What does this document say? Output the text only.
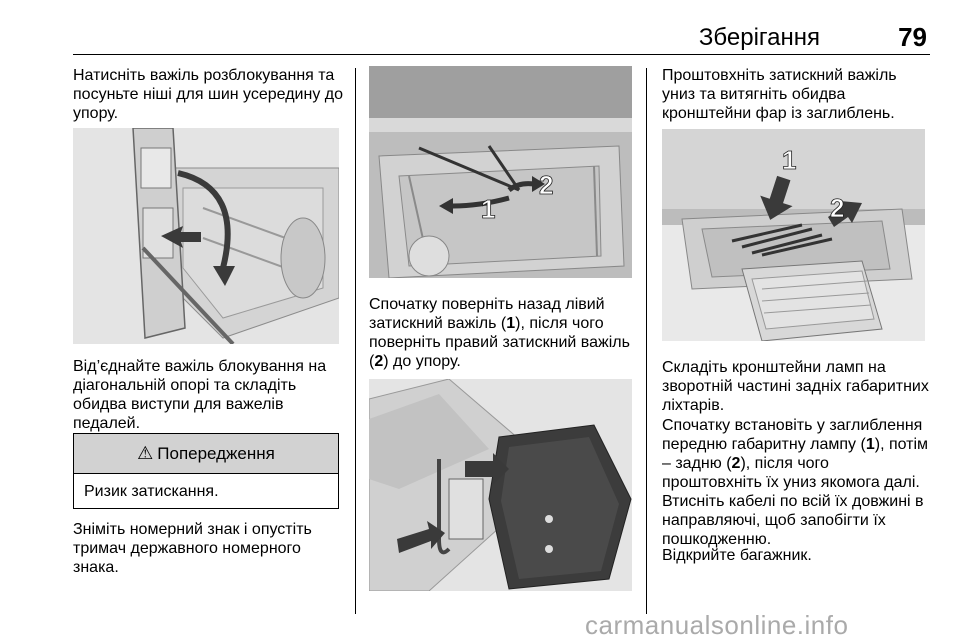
Зберігання	79
Натисніть важіль розблокування та посуньте ніші для шин усередину до упору.
Від’єднайте важіль блокування на діагональній опорі та складіть обидва виступи для важелів педалей.
⚠ Попередження
Ризик затискання.
Зніміть номерний знак і опустіть тримач державного номерного знака.
1
2
Спочатку поверніть назад лівий затискний важіль (1), після чого поверніть правий затискний важіль (2) до упору.
Проштовхніть затискний важіль униз та витягніть обидва кронштейни фар із заглиблень.
1
2
Складіть кронштейни ламп на зворотній частині задніх габаритних ліхтарів.
Спочатку встановіть у заглиблення передню габаритну лампу (1), потім – задню (2), після чого проштовхніть їх униз якомога далі. Втисніть кабелі по всій їх довжині в направляючі, щоб запобігти їх пошкодженню.
Відкрийте багажник.
carmanualsonline.info
